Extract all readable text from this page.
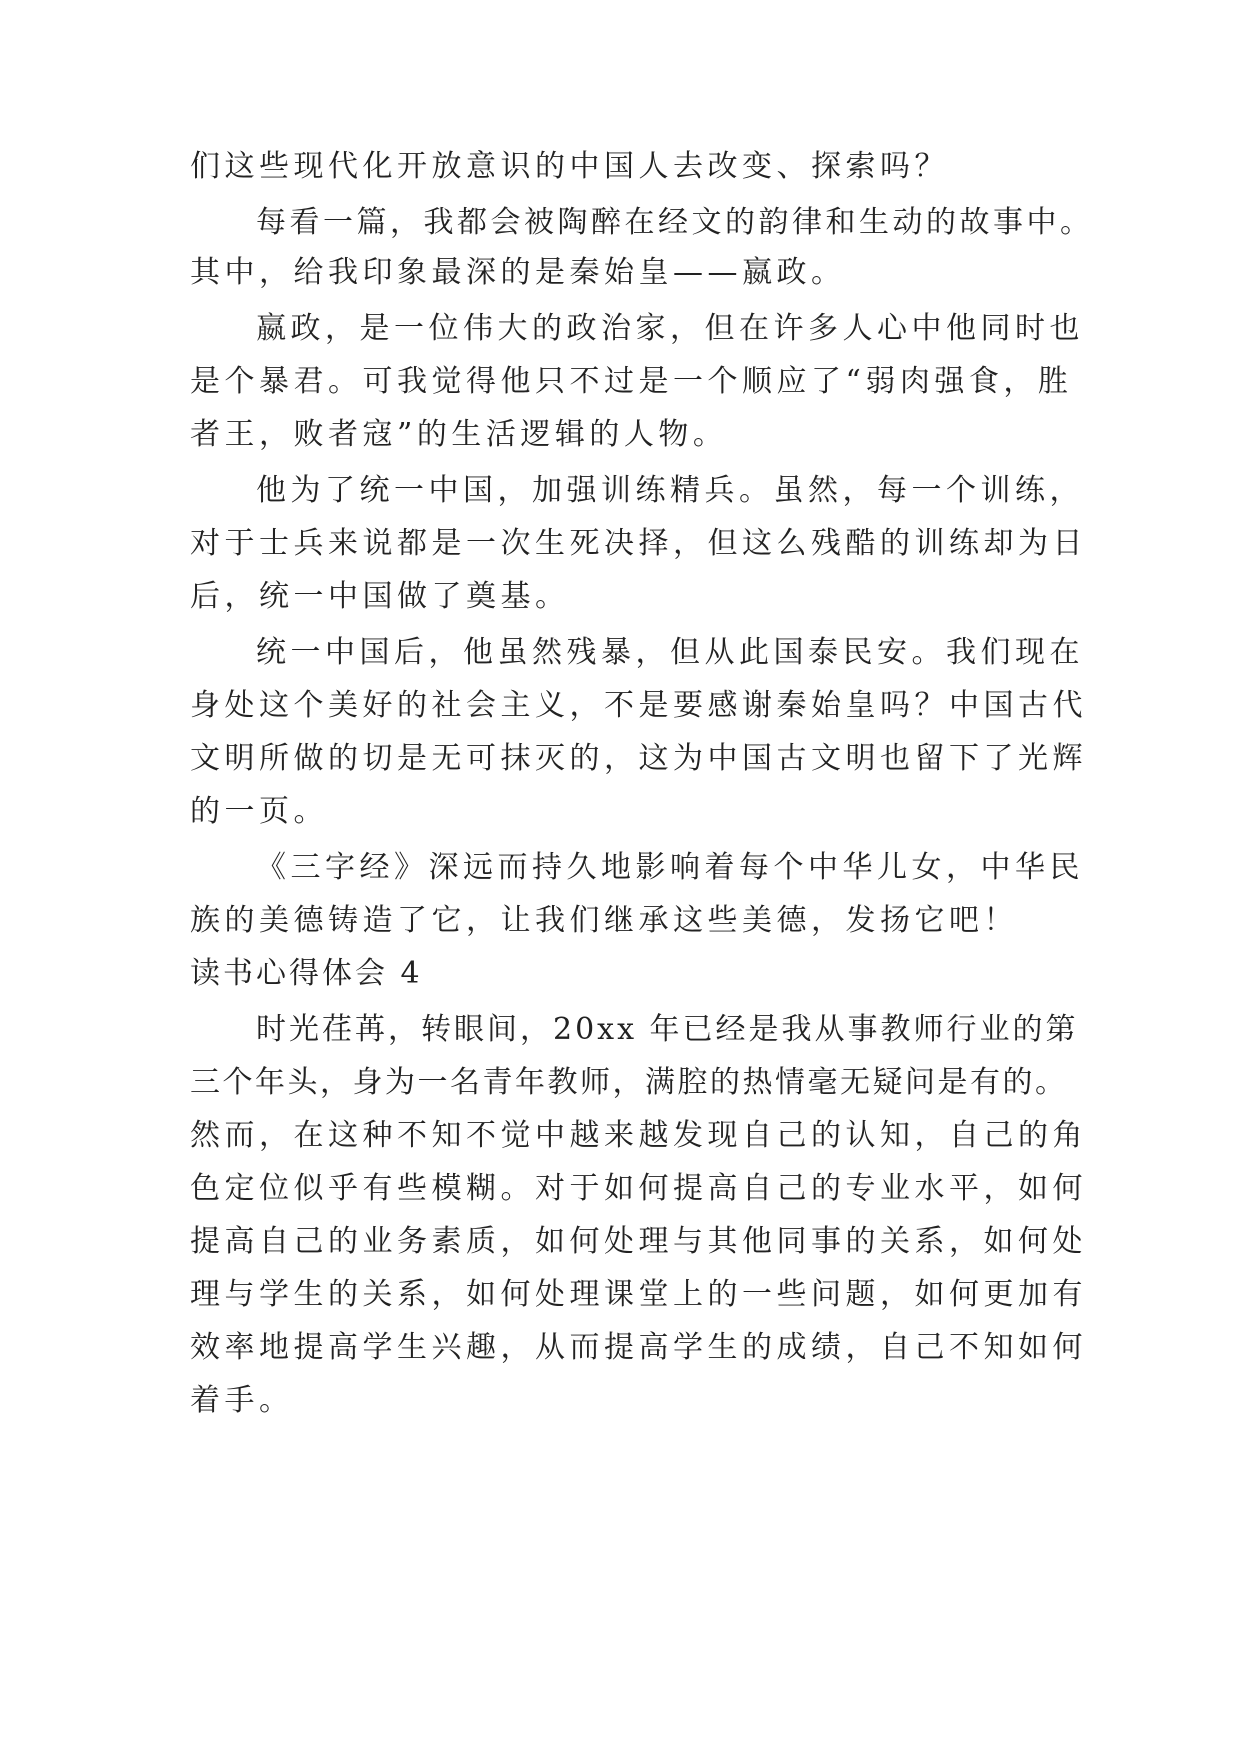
们这些现代化开放意识的中国人去改变、探索吗？
每看一篇，我都会被陶醉在经文的韵律和生动的故事中。
其中，给我印象最深的是秦始皇——嬴政。
嬴政，是一位伟大的政治家，但在许多人心中他同时也
是个暴君。可我觉得他只不过是一个顺应了“弱肉强食，胜
者王，败者寇”的生活逻辑的人物。
他为了统一中国，加强训练精兵。虽然，每一个训练，
对于士兵来说都是一次生死决择，但这么残酷的训练却为日
后，统一中国做了奠基。
统一中国后，他虽然残暴，但从此国泰民安。我们现在
身处这个美好的社会主义，不是要感谢秦始皇吗？中国古代
文明所做的切是无可抹灭的，这为中国古文明也留下了光辉
的一页。
《三字经》深远而持久地影响着每个中华儿女，中华民
族的美德铸造了它，让我们继承这些美德，发扬它吧！
读书心得体会 4
时光荏苒，转眼间，20xx 年已经是我从事教师行业的第
三个年头，身为一名青年教师，满腔的热情毫无疑问是有的。
然而，在这种不知不觉中越来越发现自己的认知，自己的角
色定位似乎有些模糊。对于如何提高自己的专业水平，如何
提高自己的业务素质，如何处理与其他同事的关系，如何处
理与学生的关系，如何处理课堂上的一些问题，如何更加有
效率地提高学生兴趣，从而提高学生的成绩，自己不知如何
着手。
